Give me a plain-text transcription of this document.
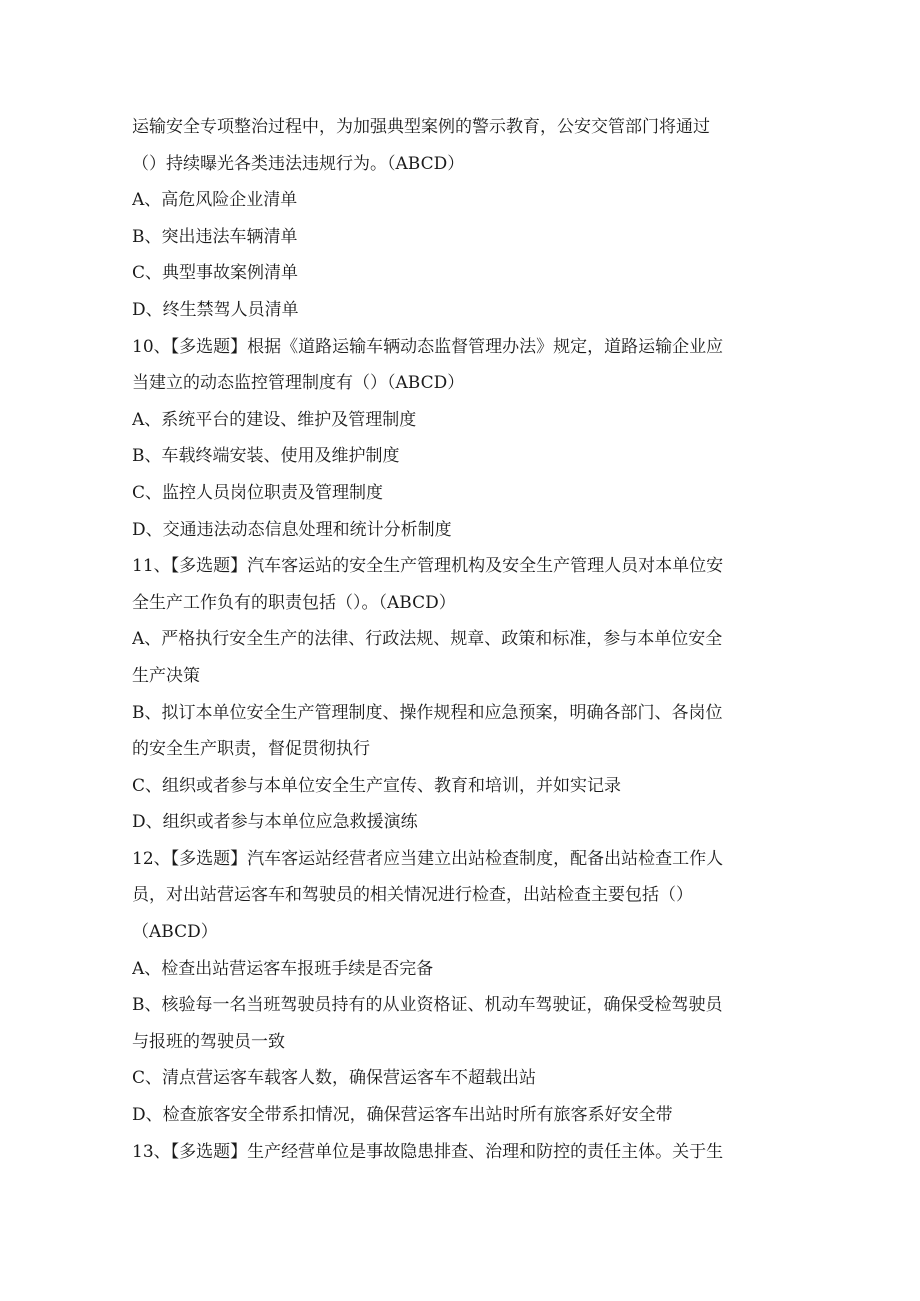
运输安全专项整治过程中，为加强典型案例的警示教育，公安交管部门将通过
（）持续曝光各类违法违规行为。（ABCD）
A、高危风险企业清单
B、突出违法车辆清单
C、典型事故案例清单
D、终生禁驾人员清单
10、【多选题】根据《道路运输车辆动态监督管理办法》规定，道路运输企业应
当建立的动态监控管理制度有（）（ABCD）
A、系统平台的建设、维护及管理制度
B、车载终端安装、使用及维护制度
C、监控人员岗位职责及管理制度
D、交通违法动态信息处理和统计分析制度
11、【多选题】汽车客运站的安全生产管理机构及安全生产管理人员对本单位安
全生产工作负有的职责包括（）。（ABCD）
A、严格执行安全生产的法律、行政法规、规章、政策和标准，参与本单位安全
生产决策
B、拟订本单位安全生产管理制度、操作规程和应急预案，明确各部门、各岗位
的安全生产职责，督促贯彻执行
C、组织或者参与本单位安全生产宣传、教育和培训，并如实记录
D、组织或者参与本单位应急救援演练
12、【多选题】汽车客运站经营者应当建立出站检查制度，配备出站检查工作人
员，对出站营运客车和驾驶员的相关情况进行检查，出站检查主要包括（）
（ABCD）
A、检查出站营运客车报班手续是否完备
B、核验每一名当班驾驶员持有的从业资格证、机动车驾驶证，确保受检驾驶员
与报班的驾驶员一致
C、清点营运客车载客人数，确保营运客车不超载出站
D、检查旅客安全带系扣情况，确保营运客车出站时所有旅客系好安全带
13、【多选题】生产经营单位是事故隐患排查、治理和防控的责任主体。关于生
